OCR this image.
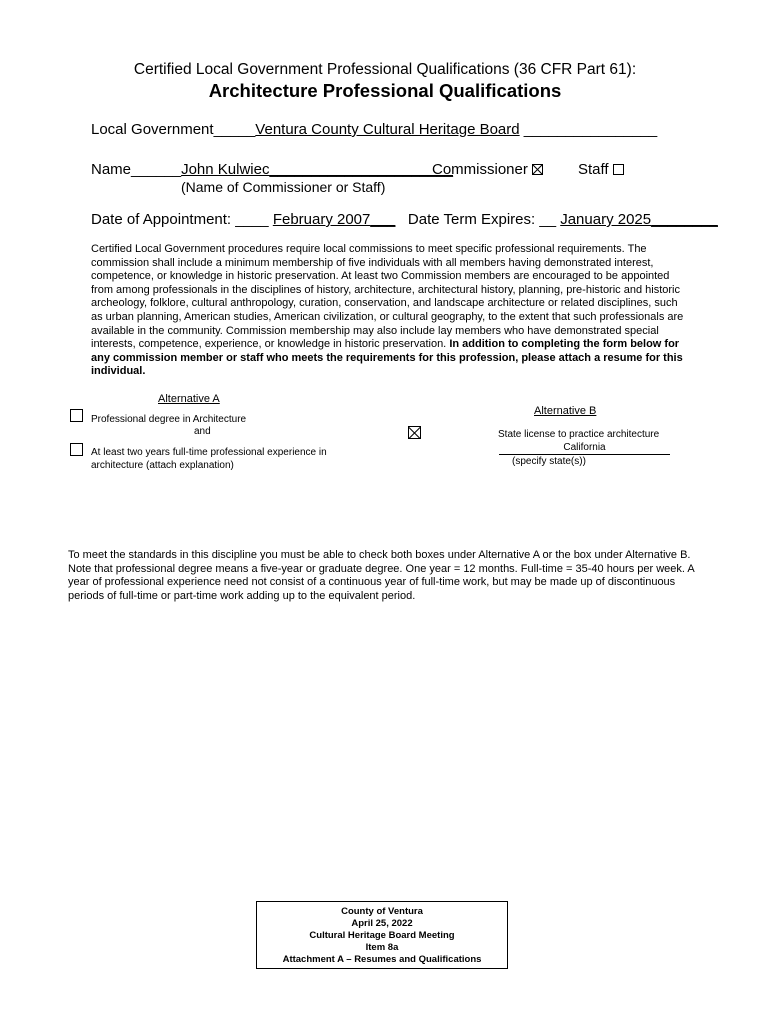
Certified Local Government Professional Qualifications (36 CFR Part 61):
Architecture Professional Qualifications
Local Government_____Ventura County Cultural Heritage Board ________________
Name______John Kulwiec______________________
(Name of Commissioner or Staff)
Commissioner	Staff
Date of Appointment: ____ February 2007___ Date Term Expires: __ January 2025________
Certified Local Government procedures require local commissions to meet specific professional requirements. The commission shall include a minimum membership of five individuals with all members having demonstrated interest, competence, or knowledge in historic preservation. At least two Commission members are encouraged to be appointed from among professionals in the disciplines of history, architecture, architectural history, planning, pre-historic and historic archeology, folklore, cultural anthropology, curation, conservation, and landscape architecture or related disciplines, such as urban planning, American studies, American civilization, or cultural geography, to the extent that such professionals are available in the community. Commission membership may also include lay members who have demonstrated special interests, competence, experience, or knowledge in historic preservation. In addition to completing the form below for any commission member or staff who meets the requirements for this profession, please attach a resume for this individual.
Alternative A
Professional degree in Architecture
and
At least two years full-time professional experience in architecture (attach explanation)
Alternative B
State license to practice architecture
California
(specify state(s))
To meet the standards in this discipline you must be able to check both boxes under Alternative A or the box under Alternative B. Note that professional degree means a five-year or graduate degree. One year = 12 months. Full-time = 35-40 hours per week. A year of professional experience need not consist of a continuous year of full-time work, but may be made up of discontinuous periods of full-time or part-time work adding up to the equivalent period.
County of Ventura
April 25, 2022
Cultural Heritage Board Meeting
Item 8a
Attachment A – Resumes and Qualifications
